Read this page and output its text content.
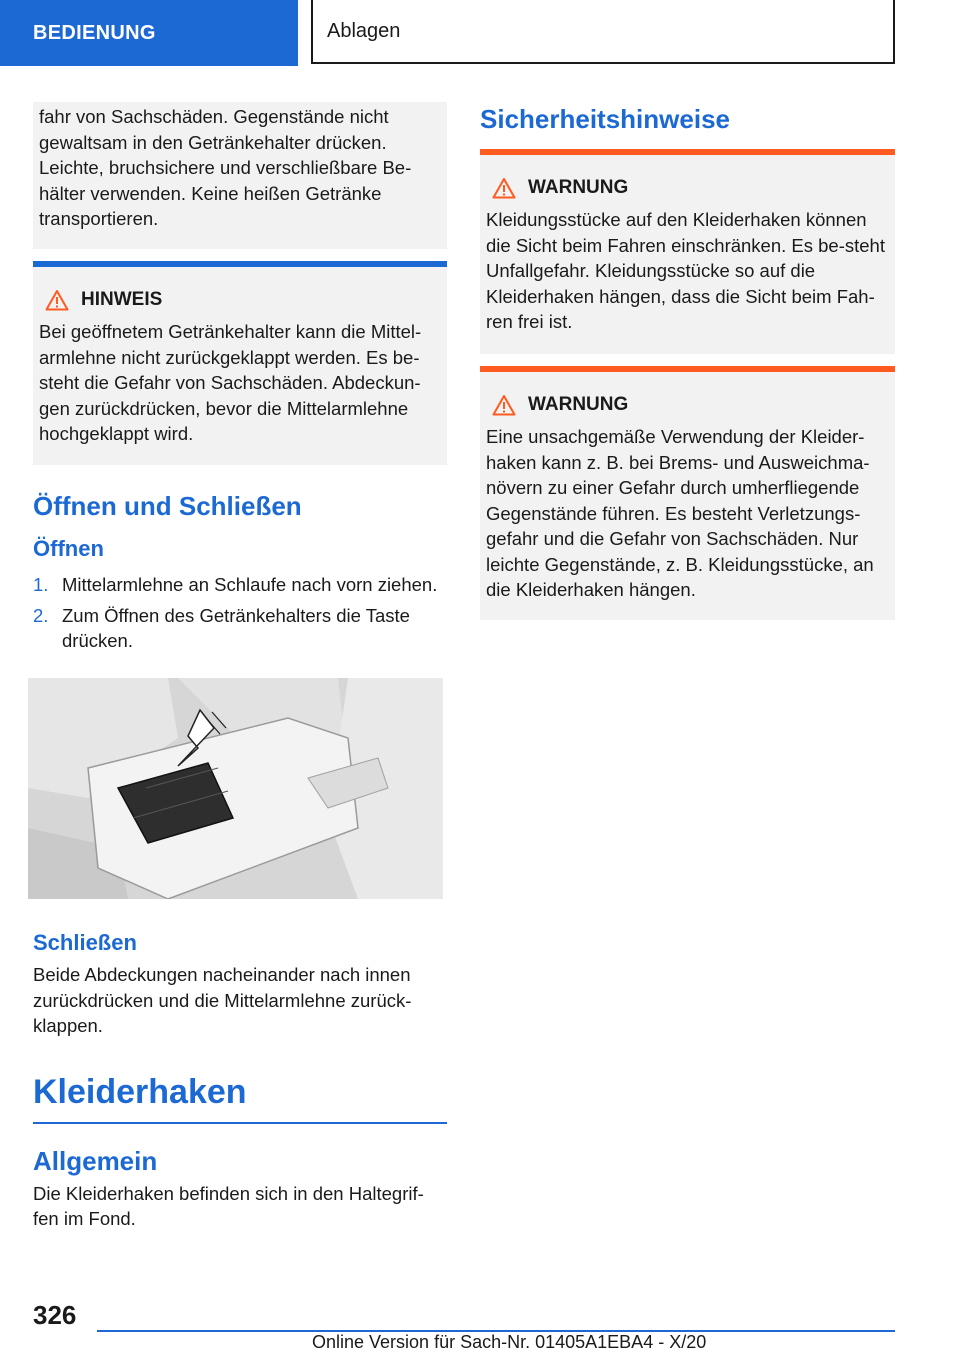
BEDIENUNG	Ablagen

fahr von Sachschäden. Gegenstände nicht gewaltsam in den Getränkehalter drücken. Leichte, bruchsichere und verschließbare Be‐hälter verwenden. Keine heißen Getränke transportieren.

HINWEIS

Bei geöffnetem Getränkehalter kann die Mittel‐armlehne nicht zurückgeklappt werden. Es be‐steht die Gefahr von Sachschäden. Abdeckun‐gen zurückdrücken, bevor die Mittelarmlehne hochgeklappt wird.

Öffnen und Schließen
Öffnen
1. Mittelarmlehne an Schlaufe nach vorn ziehen.
2. Zum Öffnen des Getränkehalters die Taste drücken.
Schließen

Beide Abdeckungen nacheinander nach innen zurückdrücken und die Mittelarmlehne zurück‐klappen.

Kleiderhaken
Allgemein

Die Kleiderhaken befinden sich in den Haltegrif‐fen im Fond.

Sicherheitshinweise
WARNUNG

Kleidungsstücke auf den Kleiderhaken können die Sicht beim Fahren einschränken. Es be‐steht Unfallgefahr. Kleidungsstücke so auf die Kleiderhaken hängen, dass die Sicht beim Fah‐ren frei ist.

WARNUNG

Eine unsachgemäße Verwendung der Kleider‐haken kann z. B. bei Brems- und Ausweichma‐növern zu einer Gefahr durch umherfliegende Gegenstände führen. Es besteht Verletzungs‐gefahr und die Gefahr von Sachschäden. Nur leichte Gegenstände, z. B. Kleidungsstücke, an die Kleiderhaken hängen.

326
Online Version für Sach-Nr. 01405A1EBA4 - X/20
